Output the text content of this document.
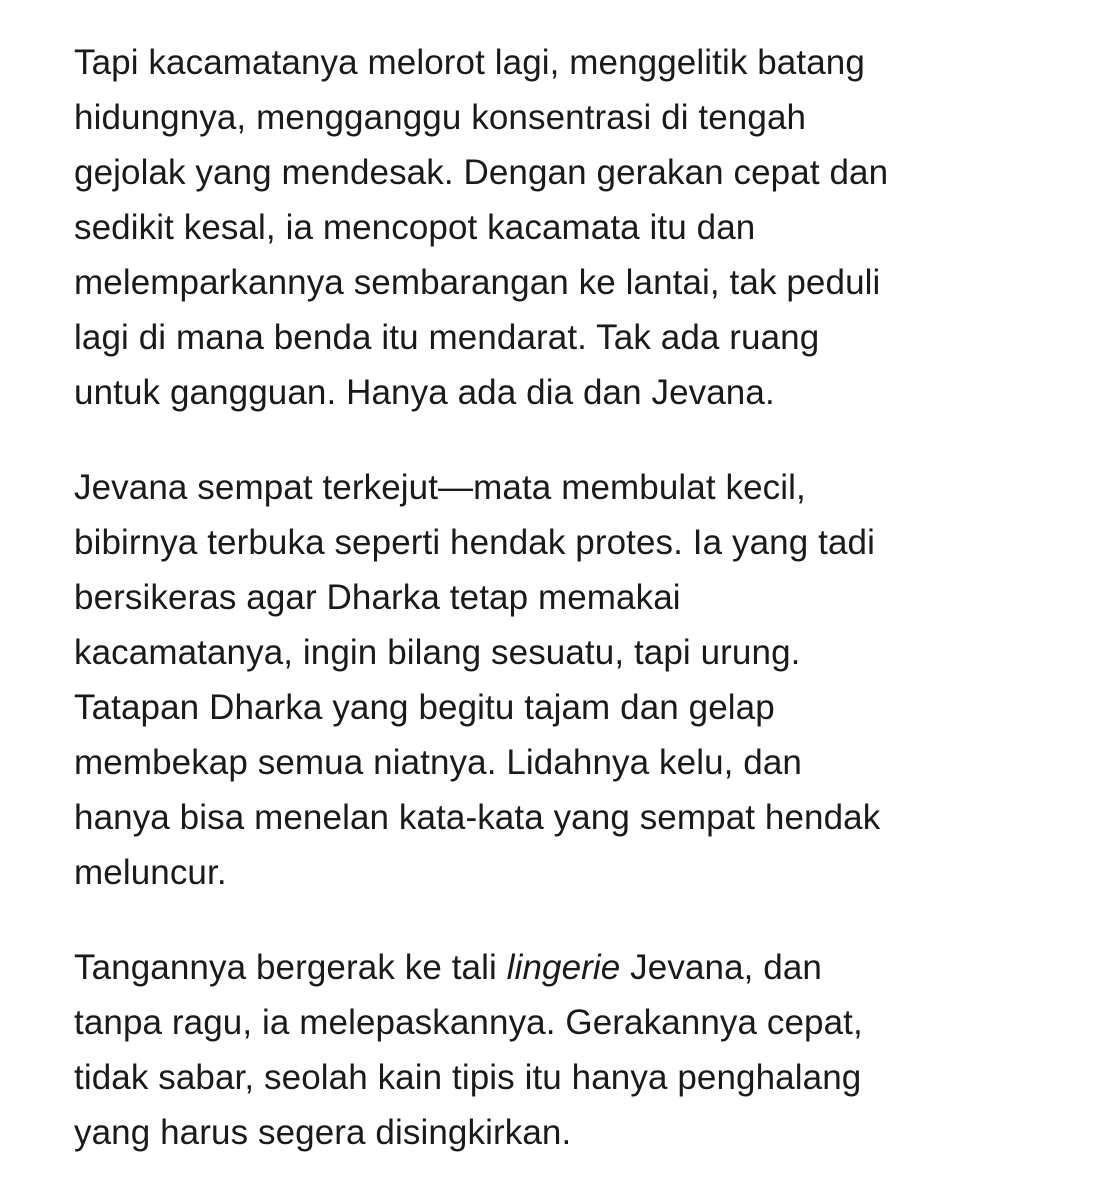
Tapi kacamatanya melorot lagi, menggelitik batang
hidungnya, mengganggu konsentrasi di tengah
gejolak yang mendesak. Dengan gerakan cepat dan
sedikit kesal, ia mencopot kacamata itu dan
melemparkannya sembarangan ke lantai, tak peduli
lagi di mana benda itu mendarat. Tak ada ruang
untuk gangguan. Hanya ada dia dan Jevana.

Jevana sempat terkejut—mata membulat kecil,
bibirnya terbuka seperti hendak protes. Ia yang tadi
bersikeras agar Dharka tetap memakai
kacamatanya, ingin bilang sesuatu, tapi urung.
Tatapan Dharka yang begitu tajam dan gelap
membekap semua niatnya. Lidahnya kelu, dan
hanya bisa menelan kata-kata yang sempat hendak
meluncur.

Tangannya bergerak ke tali lingerie Jevana, dan
tanpa ragu, ia melepaskannya. Gerakannya cepat,
tidak sabar, seolah kain tipis itu hanya penghalang
yang harus segera disingkirkan.
